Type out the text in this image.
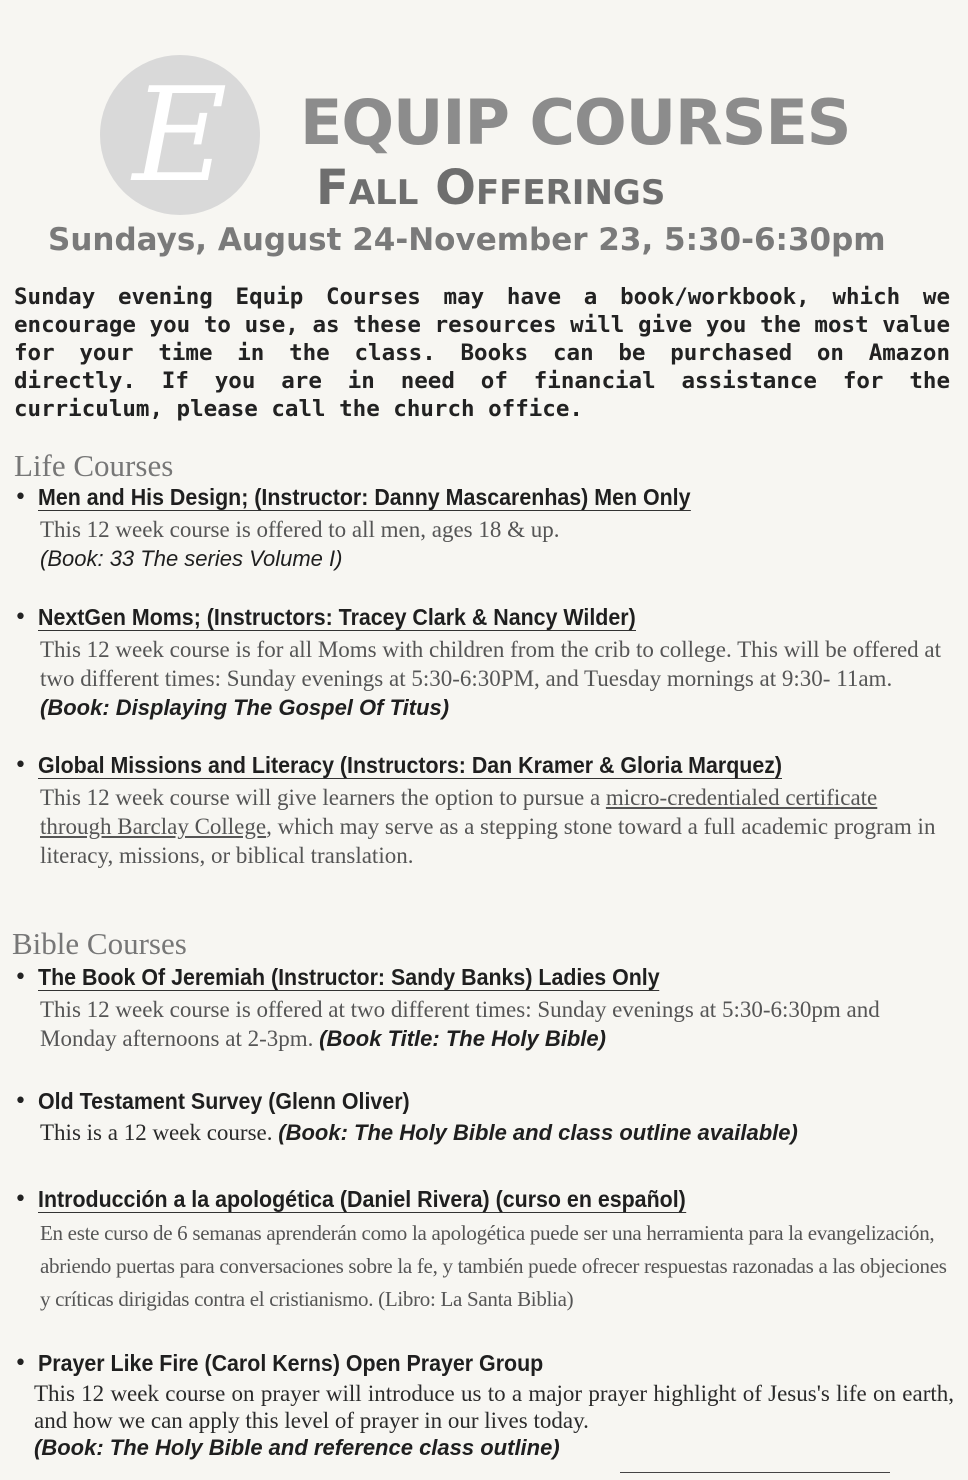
E	EQUIP COURSES
Fall Offerings
Sundays, August 24-November 23, 5:30-6:30pm
Sunday evening Equip Courses may have a book/workbook, which we encourage you to use, as these resources will give you the most value for your time in the class. Books can be purchased on Amazon directly. If you are in need of financial assistance for the curriculum, please call the church office.
Life Courses
• Men and His Design; (Instructor: Danny Mascarenhas) Men Only
This 12 week course is offered to all men, ages 18 & up.
(Book: 33 The series Volume I)
• NextGen Moms; (Instructors: Tracey Clark & Nancy Wilder)
This 12 week course is for all Moms with children from the crib to college. This will be offered at two different times: Sunday evenings at 5:30-6:30PM, and Tuesday mornings at 9:30- 11am. (Book: Displaying The Gospel Of Titus)
• Global Missions and Literacy (Instructors: Dan Kramer & Gloria Marquez)
This 12 week course will give learners the option to pursue a micro-credentialed certificate through Barclay College, which may serve as a stepping stone toward a full academic program in literacy, missions, or biblical translation.
Bible Courses
• The Book Of Jeremiah (Instructor: Sandy Banks) Ladies Only
This 12 week course is offered at two different times: Sunday evenings at 5:30-6:30pm and Monday afternoons at 2-3pm. (Book Title: The Holy Bible)
• Old Testament Survey (Glenn Oliver)
This is a 12 week course. (Book: The Holy Bible and class outline available)
• Introducción a la apologética (Daniel Rivera) (curso en español)
En este curso de 6 semanas aprenderán como la apologética puede ser una herramienta para la evangelización, abriendo puertas para conversaciones sobre la fe, y también puede ofrecer respuestas razonadas a las objeciones y críticas dirigidas contra el cristianismo. (Libro: La Santa Biblia)
• Prayer Like Fire (Carol Kerns) Open Prayer Group
This 12 week course on prayer will introduce us to a major prayer highlight of Jesus's life on earth, and how we can apply this level of prayer in our lives today.
(Book: The Holy Bible and reference class outline)
